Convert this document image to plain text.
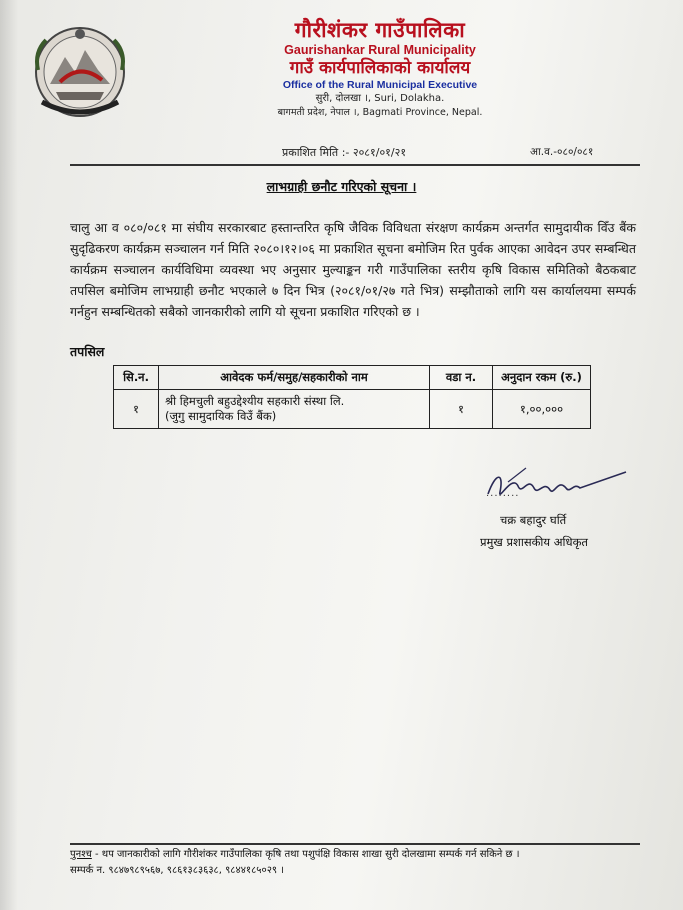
गौरीशंकर गाउँपालिका
Gaurishankar Rural Municipality
गाउँ कार्यपालिकाको कार्यालय
Office of the Rural Municipal Executive
सुरी, दोलखा ।, Suri, Dolakha.
बागमती प्रदेश, नेपाल ।, Bagmati Province, Nepal.
प्रकाशित मिति :- २०८१/०१/२१	आ.व.-०८०/०८१
लाभग्राही छनौट गरिएको सूचना ।
चालु आ व ०८०/०८१ मा संघीय सरकारबाट हस्तान्तरित कृषि जैविक विविधता संरक्षण कार्यक्रम अन्तर्गत सामुदायीक विँउ बैंक सुदृढिकरण कार्यक्रम सञ्चालन गर्न मिति २०८०।१२।०६ मा प्रकाशित सूचना बमोजिम रित पुर्वक आएका आवेदन उपर सम्बन्धित कार्यक्रम सञ्चालन कार्यविधिमा व्यवस्था भए अनुसार मुल्याङ्कन गरी गाउँपालिका स्तरीय कृषि विकास समितिको बैठकबाट तपसिल बमोजिम लाभग्राही छनौट भएकाले ७ दिन भित्र (२०८१/०१/२७ गते भित्र) सम्झौताको लागि यस कार्यालयमा सम्पर्क गर्नहुन सम्बन्धितको सबैको जानकारीको लागि यो सूचना प्रकाशित गरिएको छ ।
तपसिल
सि.न.	आवेदक फर्म/समुह/सहकारीको नाम	वडा न.	अनुदान रकम (रु.)
१	श्री हिमचुली बहुउद्देश्यीय सहकारी संस्था लि.
(जुगु सामुदायिक विउँ बैंक)	१	१,००,०००
........
चक्र बहादुर घर्ति
प्रमुख प्रशासकीय अधिकृत
पुनश्च - थप जानकारीको लागि गौरीशंकर गाउँपालिका कृषि तथा पशुपंक्षि विकास शाखा सुरी दोलखामा सम्पर्क गर्न सकिने छ ।
सम्पर्क न. ९८४७९८९५६७, ९८६१३८३६३८, ९८४४१८५०२९ ।
